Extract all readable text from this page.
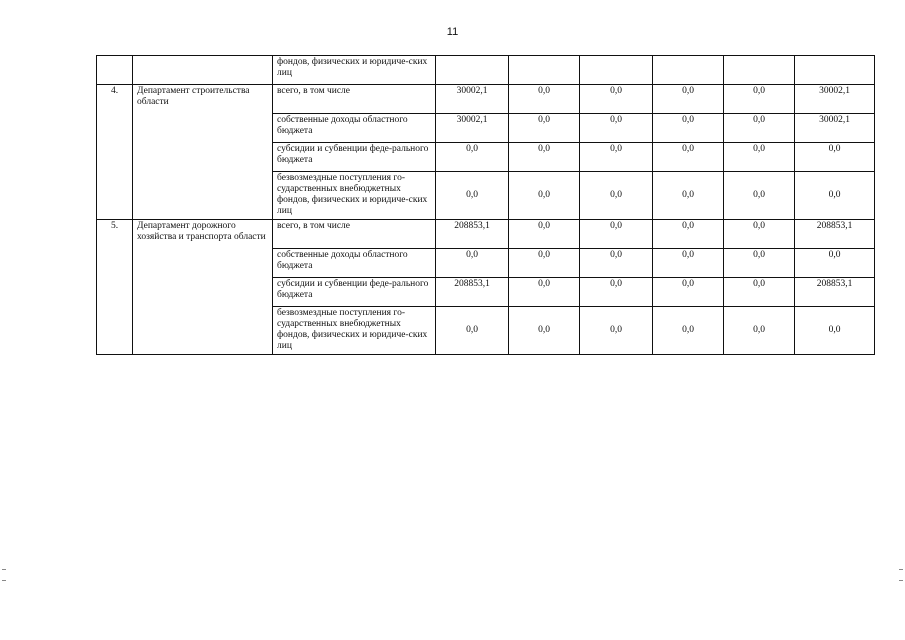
11
		фондов, физических и юридиче-ских лиц						
4.	Департамент строительства области	всего, в том числе	30002,1	0,0	0,0	0,0	0,0	30002,1
		собственные доходы областного бюджета	30002,1	0,0	0,0	0,0	0,0	30002,1
		субсидии и субвенции феде-рального бюджета	0,0	0,0	0,0	0,0	0,0	0,0
		безвозмездные поступления го-сударственных внебюджетных фондов, физических и юридиче-ских лиц	0,0	0,0	0,0	0,0	0,0	0,0
5.	Департамент дорожного хозяйства и транспорта области	всего, в том числе	208853,1	0,0	0,0	0,0	0,0	208853,1
		собственные доходы областного бюджета	0,0	0,0	0,0	0,0	0,0	0,0
		субсидии и субвенции феде-рального бюджета	208853,1	0,0	0,0	0,0	0,0	208853,1
		безвозмездные поступления го-сударственных внебюджетных фондов, физических и юридиче-ских лиц	0,0	0,0	0,0	0,0	0,0	0,0
